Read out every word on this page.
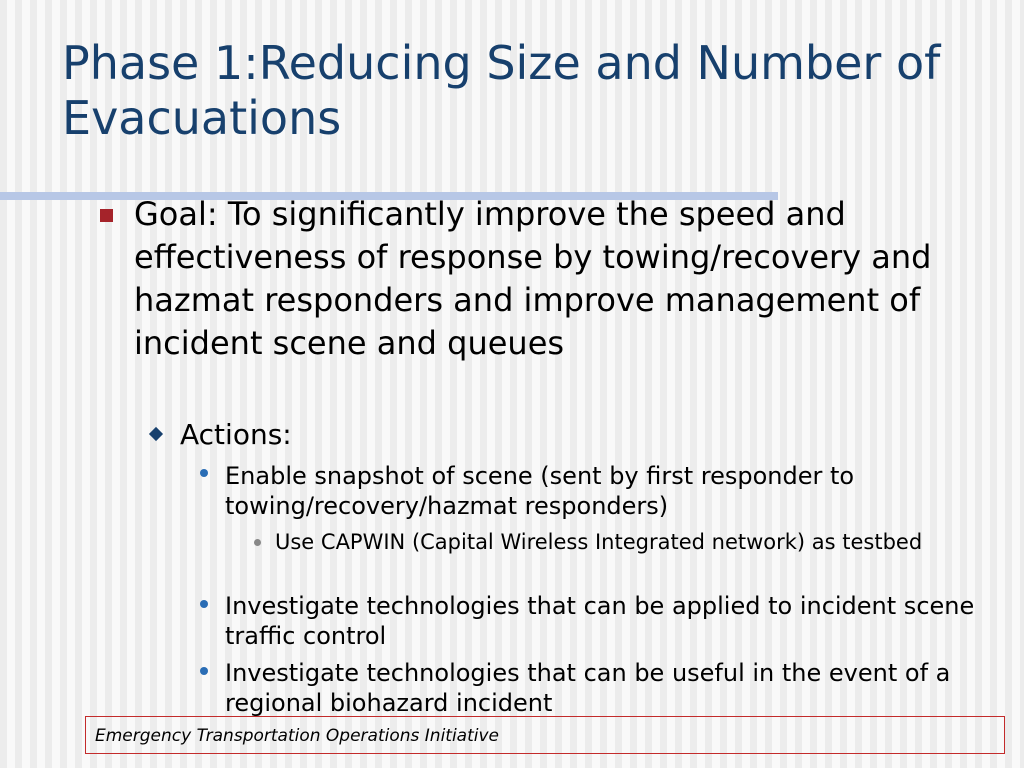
Phase 1:Reducing Size and Number of Evacuations
Goal: To significantly improve the speed and effectiveness of response by towing/recovery and hazmat responders and improve management of incident scene and queues
Actions:
Enable snapshot of scene (sent by first responder to towing/recovery/hazmat responders)
Use CAPWIN (Capital Wireless Integrated network) as testbed
Investigate technologies that can be applied to incident scene traffic control
Investigate technologies that can be useful in the event of a regional biohazard incident
Emergency Transportation Operations Initiative
